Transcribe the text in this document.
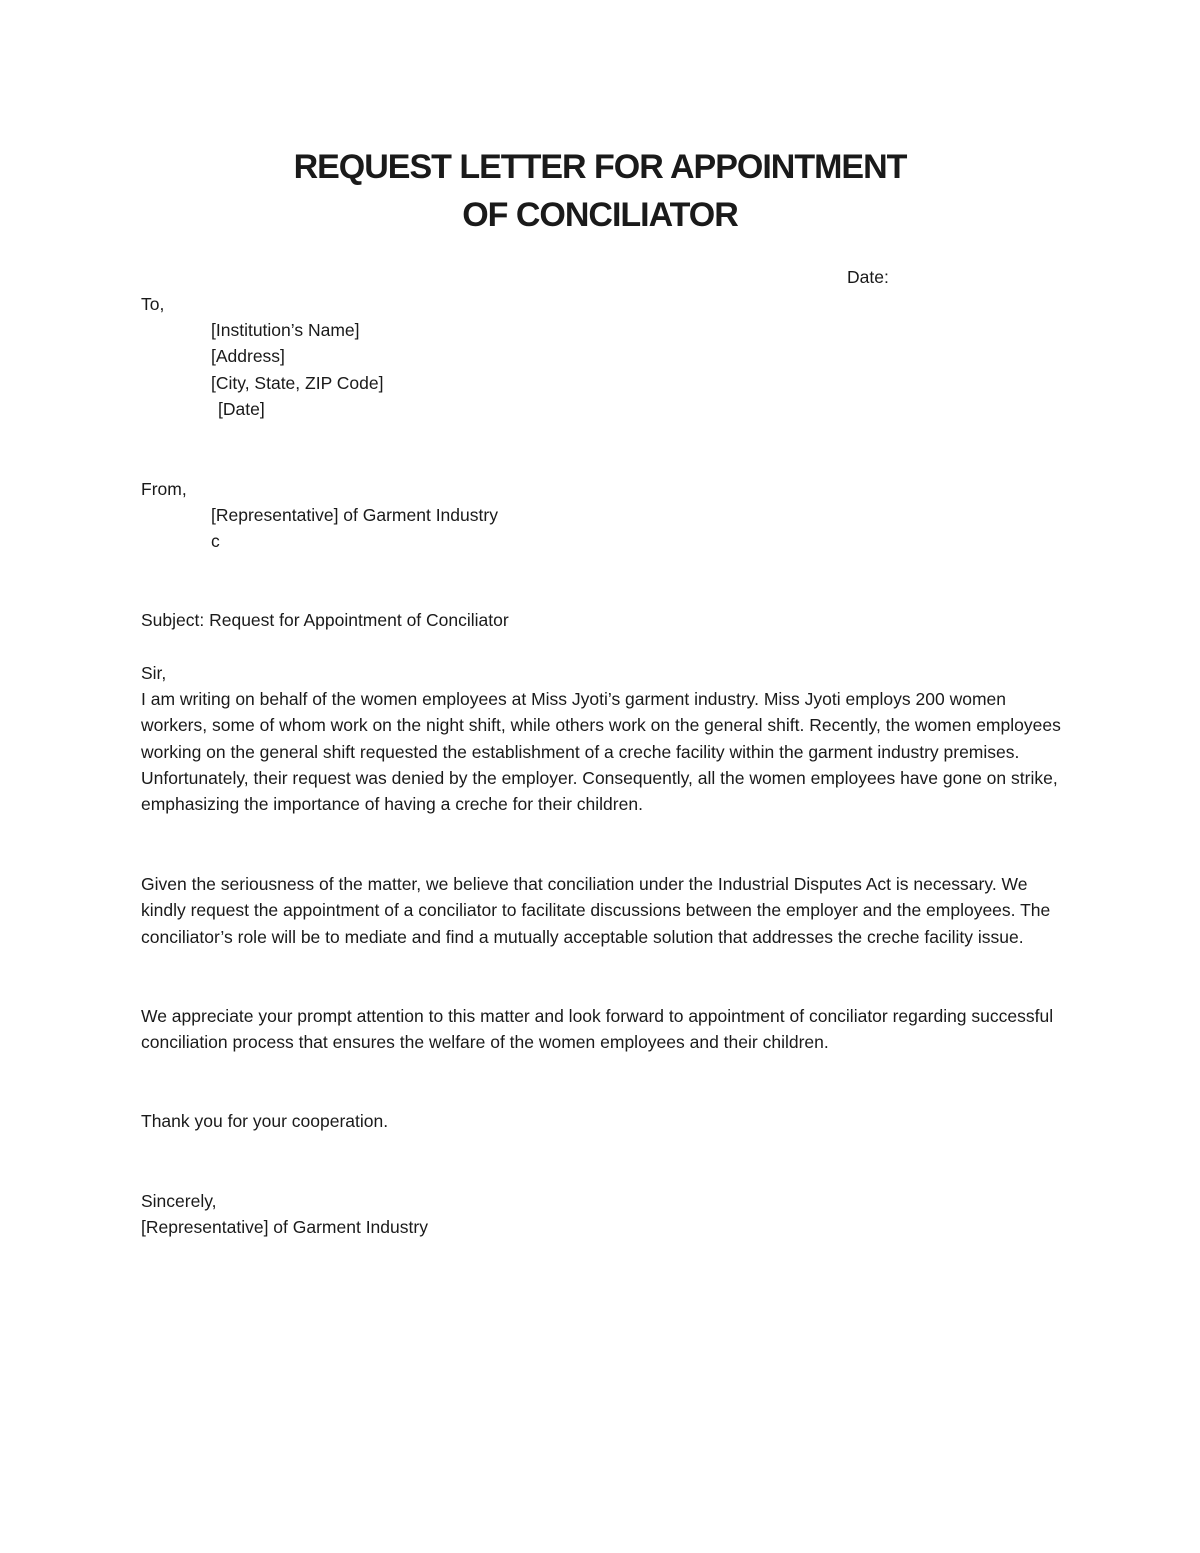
REQUEST LETTER FOR APPOINTMENT
OF CONCILIATOR
Date:
To,
[Institution’s Name]
[Address]
[City, State, ZIP Code]
[Date]
From,
[Representative] of Garment Industry
c
Subject: Request for Appointment of Conciliator
Sir,

I am writing on behalf of the women employees at Miss Jyoti’s garment industry. Miss Jyoti employs 200 women workers, some of whom work on the night shift, while others work on the general shift. Recently, the women employees working on the general shift requested the establishment of a creche facility within the garment industry premises. Unfortunately, their request was denied by the employer. Consequently, all the women employees have gone on strike, emphasizing the importance of having a creche for their children.

Given the seriousness of the matter, we believe that conciliation under the Industrial Disputes Act is necessary. We kindly request the appointment of a conciliator to facilitate discussions between the employer and the employees. The conciliator’s role will be to mediate and find a mutually acceptable solution that addresses the creche facility issue.

We appreciate your prompt attention to this matter and look forward to appointment of conciliator regarding successful conciliation process that ensures the welfare of the women employees and their children.

Thank you for your cooperation.
Sincerely,
[Representative] of Garment Industry
